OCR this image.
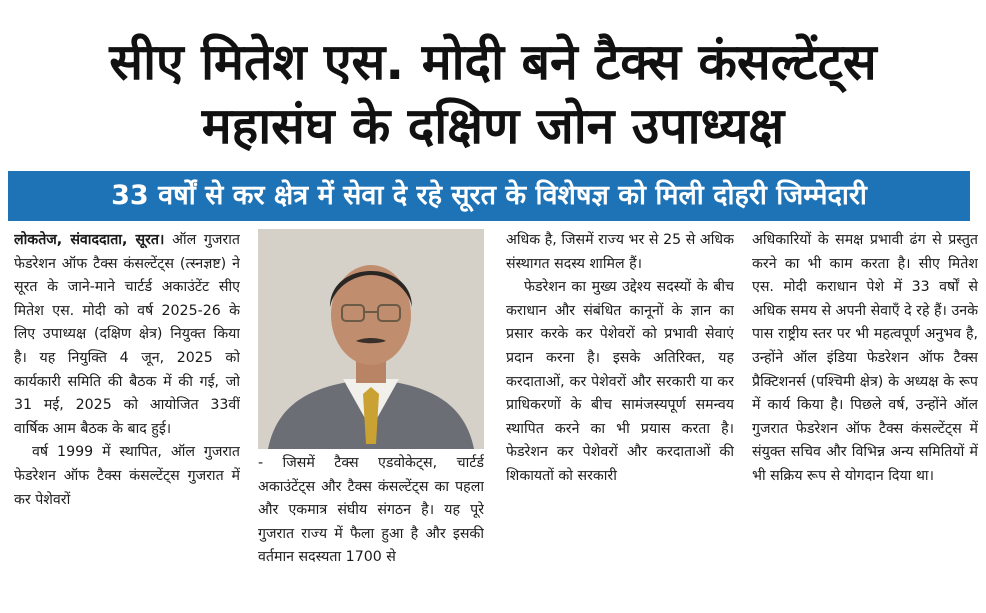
सीए मितेश एस. मोदी बने टैक्स कंसल्टेंट्स
महासंघ के दक्षिण जोन उपाध्यक्ष
33 वर्षों से कर क्षेत्र में सेवा दे रहे सूरत के विशेषज्ञ को मिली दोहरी जिम्मेदारी

लोकतेज, संवाददाता, सूरत। ऑल गुजरात फेडरेशन ऑफ टैक्स कंसल्टेंट्स (त्स्नज्ञष्ट) ने सूरत के जाने-माने चार्टर्ड अकाउंटेंट सीए मितेश एस. मोदी को वर्ष 2025-26 के लिए उपाध्यक्ष (दक्षिण क्षेत्र) नियुक्त किया है। यह नियुक्ति 4 जून, 2025 को कार्यकारी समिति की बैठक में की गई, जो 31 मई, 2025 को आयोजित 33वीं वार्षिक आम बैठक के बाद हुई।

वर्ष 1999 में स्थापित, ऑल गुजरात फेडरेशन ऑफ टैक्स कंसल्टेंट्स गुजरात में कर पेशेवरों

- जिसमें टैक्स एडवोकेट्स, चार्टर्ड अकाउंटेंट्स और टैक्स कंसल्टेंट्स का पहला और एकमात्र संघीय संगठन है। यह पूरे गुजरात राज्य में फैला हुआ है और इसकी वर्तमान सदस्यता 1700 से

अधिक है, जिसमें राज्य भर से 25 से अधिक संस्थागत सदस्य शामिल हैं।

फेडरेशन का मुख्य उद्देश्य सदस्यों के बीच कराधान और संबंधित कानूनों के ज्ञान का प्रसार करके कर पेशेवरों को प्रभावी सेवाएं प्रदान करना है। इसके अतिरिक्त, यह करदाताओं, कर पेशेवरों और सरकारी या कर प्राधिकरणों के बीच सामंजस्यपूर्ण समन्वय स्थापित करने का भी प्रयास करता है। फेडरेशन कर पेशेवरों और करदाताओं की शिकायतों को सरकारी

अधिकारियों के समक्ष प्रभावी ढंग से प्रस्तुत करने का भी काम करता है। सीए मितेश एस. मोदी कराधान पेशे में 33 वर्षों से अधिक समय से अपनी सेवाएँ दे रहे हैं। उनके पास राष्ट्रीय स्तर पर भी महत्वपूर्ण अनुभव है, उन्होंने ऑल इंडिया फेडरेशन ऑफ टैक्स प्रैक्टिशनर्स (पश्चिमी क्षेत्र) के अध्यक्ष के रूप में कार्य किया है। पिछले वर्ष, उन्होंने ऑल गुजरात फेडरेशन ऑफ टैक्स कंसल्टेंट्स में संयुक्त सचिव और विभिन्न अन्य समितियों में भी सक्रिय रूप से योगदान दिया था।
